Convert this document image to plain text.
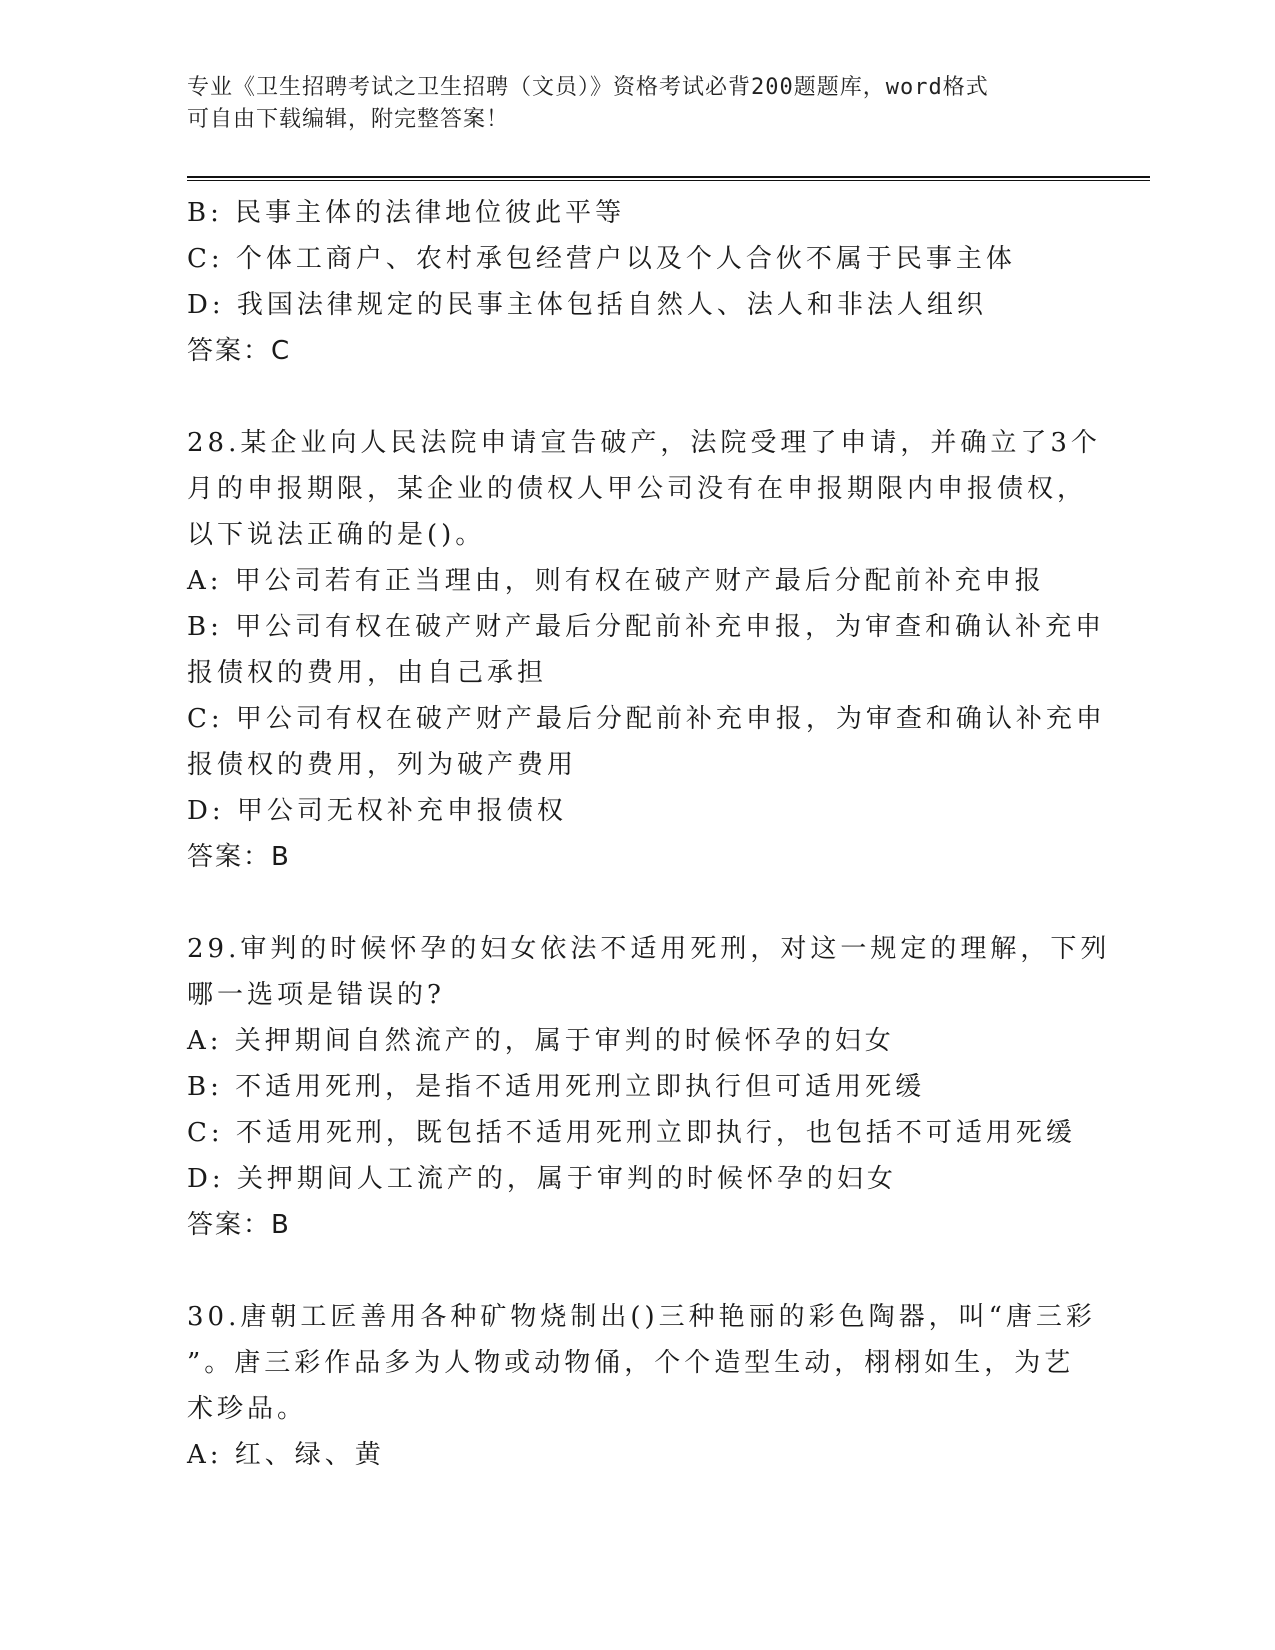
专业《卫生招聘考试之卫生招聘（文员）》资格考试必背200题题库，word格式
可自由下载编辑，附完整答案！
B: 民事主体的法律地位彼此平等
C: 个体工商户、农村承包经营户以及个人合伙不属于民事主体
D: 我国法律规定的民事主体包括自然人、法人和非法人组织
答案：C
28.某企业向人民法院申请宣告破产，法院受理了申请，并确立了3个
月的申报期限，某企业的债权人甲公司没有在申报期限内申报债权，
以下说法正确的是()。
A: 甲公司若有正当理由，则有权在破产财产最后分配前补充申报
B: 甲公司有权在破产财产最后分配前补充申报，为审查和确认补充申
报债权的费用，由自己承担
C: 甲公司有权在破产财产最后分配前补充申报，为审查和确认补充申
报债权的费用，列为破产费用
D: 甲公司无权补充申报债权
答案：B
29.审判的时候怀孕的妇女依法不适用死刑，对这一规定的理解，下列
哪一选项是错误的?
A: 关押期间自然流产的，属于审判的时候怀孕的妇女
B: 不适用死刑，是指不适用死刑立即执行但可适用死缓
C: 不适用死刑，既包括不适用死刑立即执行，也包括不可适用死缓
D: 关押期间人工流产的，属于审判的时候怀孕的妇女
答案：B
30.唐朝工匠善用各种矿物烧制出()三种艳丽的彩色陶器，叫“唐三彩
”。唐三彩作品多为人物或动物俑，个个造型生动，栩栩如生，为艺
术珍品。
A: 红、绿、黄
